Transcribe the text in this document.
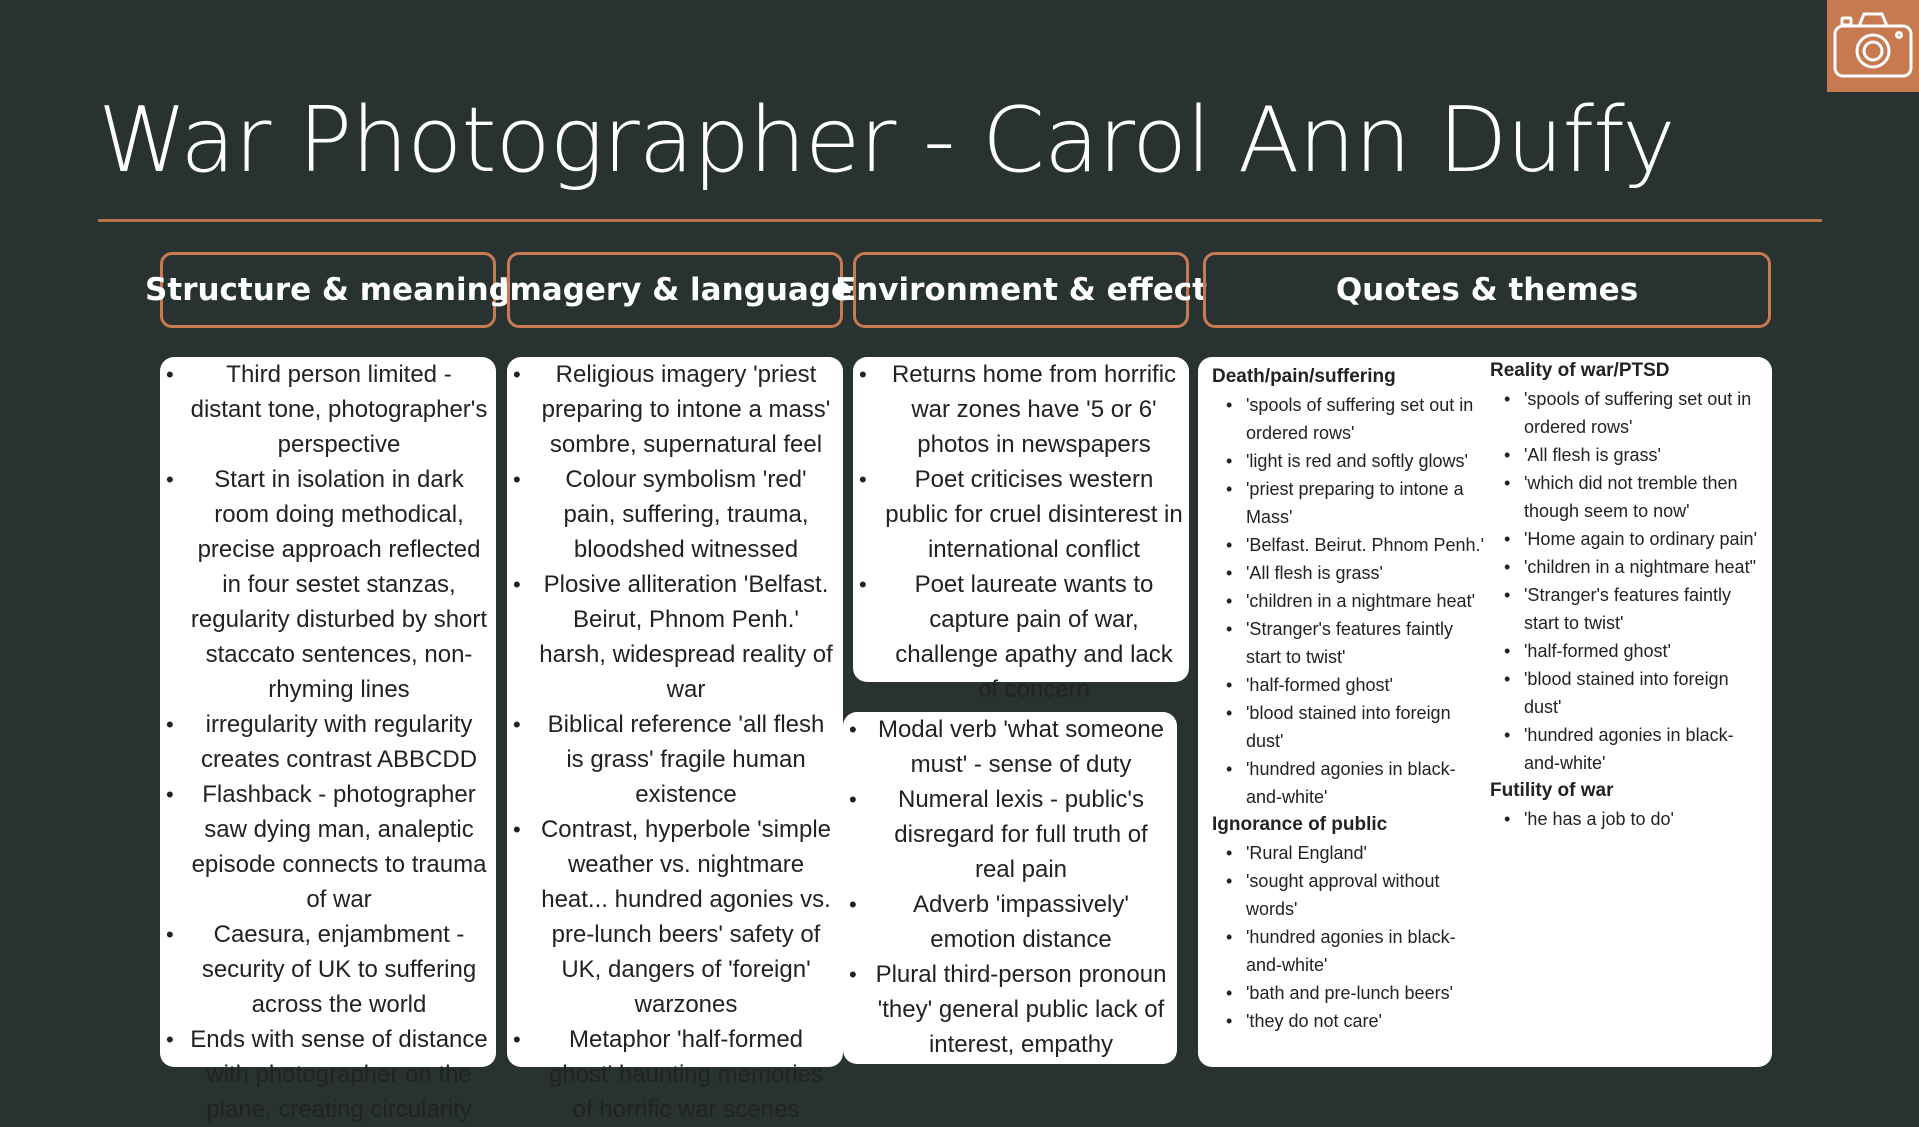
War Photographer - Carol Ann Duffy
Structure & meaning
Imagery & language
Environment & effect	Quotes & themes
• Third person limited - distant tone, photographer's perspective
• Start in isolation in dark room doing methodical, precise approach reflected in four sestet stanzas, regularity disturbed by short staccato sentences, non-rhyming lines
• irregularity with regularity creates contrast ABBCDD
• Flashback - photographer saw dying man, analeptic episode connects to trauma of war
• Caesura, enjambment - security of UK to suffering across the world
• Ends with sense of distance with photographer on the plane, creating circularity
• Religious imagery 'priest preparing to intone a mass' sombre, supernatural feel
• Colour symbolism 'red' pain, suffering, trauma, bloodshed witnessed
• Plosive alliteration 'Belfast. Beirut, Phnom Penh.' harsh, widespread reality of war
• Biblical reference 'all flesh is grass' fragile human existence
• Contrast, hyperbole 'simple weather vs. nightmare heat... hundred agonies vs. pre-lunch beers' safety of UK, dangers of 'foreign' warzones
• Metaphor 'half-formed ghost' haunting memories of horrific war scenes
• Returns home from horrific war zones have '5 or 6' photos in newspapers
• Poet criticises western public for cruel disinterest in international conflict
• Poet laureate wants to capture pain of war, challenge apathy and lack of concern
• Modal verb 'what someone must' - sense of duty
• Numeral lexis - public's disregard for full truth of real pain
• Adverb 'impassively' emotion distance
• Plural third-person pronoun 'they' general public lack of interest, empathy
Death/pain/suffering
• 'spools of suffering set out in ordered rows'
• 'light is red and softly glows'
• 'priest preparing to intone a Mass'
• 'Belfast. Beirut. Phnom Penh.'
• 'All flesh is grass'
• 'children in a nightmare heat'
• 'Stranger's features faintly start to twist'
• 'half-formed ghost'
• 'blood stained into foreign dust'
• 'hundred agonies in black-and-white'
Ignorance of public
• 'Rural England'
• 'sought approval without words'
• 'hundred agonies in black-and-white'
• 'bath and pre-lunch beers'
• 'they do not care'
Reality of war/PTSD
• 'spools of suffering set out in ordered rows'
• 'All flesh is grass'
• 'which did not tremble then though seem to now'
• 'Home again to ordinary pain'
• 'children in a nightmare heat"
• 'Stranger's features faintly start to twist'
• 'half-formed ghost'
• 'blood stained into foreign dust'
• 'hundred agonies in black-and-white'
Futility of war
• 'he has a job to do'
